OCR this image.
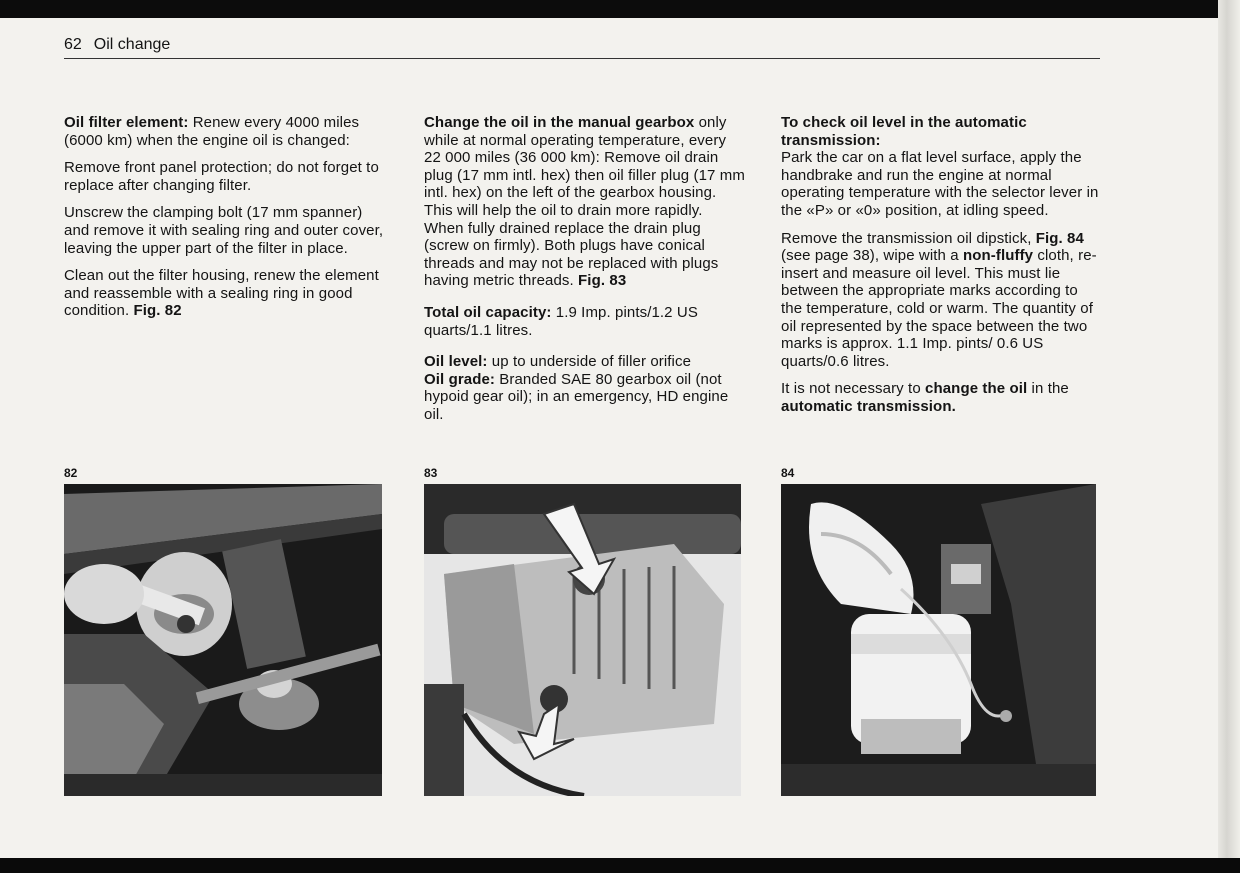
62 Oil change

Oil filter element: Renew every 4000 miles (6000 km) when the engine oil is changed:

Remove front panel protection; do not forget to replace after changing filter.

Unscrew the clamping bolt (17 mm spanner) and remove it with sealing ring and outer cover, leaving the upper part of the filter in place.

Clean out the filter housing, renew the element and reassemble with a sealing ring in good condition. Fig. 82

Change the oil in the manual gearbox only while at normal operating temperature, every 22 000 miles (36 000 km): Remove oil drain plug (17 mm intl. hex) then oil filler plug (17 mm intl. hex) on the left of the gearbox housing. This will help the oil to drain more rapidly. When fully drained replace the drain plug (screw on firmly). Both plugs have conical threads and may not be replaced with plugs having metric threads. Fig. 83

Total oil capacity: 1.9 Imp. pints/1.2 US quarts/1.1 litres.

Oil level: up to underside of filler orifice
Oil grade: Branded SAE 80 gearbox oil (not hypoid gear oil); in an emergency, HD engine oil.

To check oil level in the automatic transmission:
Park the car on a flat level surface, apply the handbrake and run the engine at normal operating temperature with the selector lever in the «P» or «0» position, at idling speed.

Remove the transmission oil dipstick, Fig. 84 (see page 38), wipe with a non-fluffy cloth, re-insert and measure oil level. This must lie between the appropriate marks according to the temperature, cold or warm. The quantity of oil represented by the space between the two marks is approx. 1.1 Imp. pints/ 0.6 US quarts/0.6 litres.

It is not necessary to change the oil in the automatic transmission.

82	83	84
